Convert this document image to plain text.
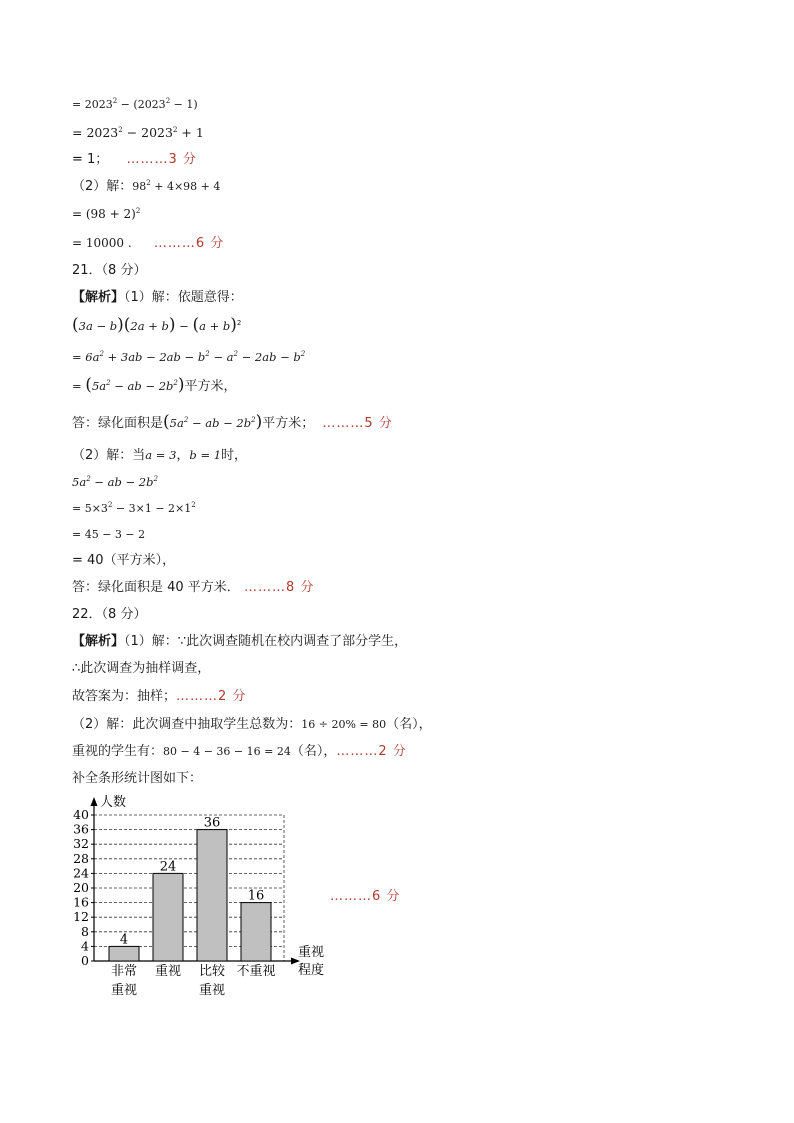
= $2023^2 - (2023^2 - 1)$
= $2023^2 - 2023^2 + 1$
= 1； ………3 分
（2）解：$98^2 + 4\times 98 + 4$
= $(98 + 2)^2$
= 10000 . ………6 分
21．（8 分）
【解析】（1）解：依题意得：
$(3a - b)(2a + b) - (a + b)^2$
= $6a^2 + 3ab - 2ab - b^2 - a^2 - 2ab - b^2$
= ($5a^2$ − ab − $2b^2$)平方米，
答：绿化面积是($5a^2$ − ab − $2b^2$)平方米； ………5 分
（2）解：当a = 3，b = 1时，
$5a^2$ − ab − $2b^2$
= $5\times 3^2 - 3\times 1 - 2\times 1^2$
= 45 − 3 − 2
= 40（平方米），
答：绿化面积是 40 平方米． ………8 分
22．（8 分）
【解析】（1）解：∵此次调查随机在校内调查了部分学生，
∴此次调查为抽样调查，
故答案为：抽样；………2 分
（2）解：此次调查中抽取学生总数为：16 ÷ 20% = 80（名），
重视的学生有：80 − 4 − 36 − 16 = 24（名），………2 分
补全条形统计图如下：
0
4
8
12
16
20
24
28
32
36
40
人数
重视
程度
4
非常
重视
24
重视
36
比较
重视
16
不重视
………6 分
